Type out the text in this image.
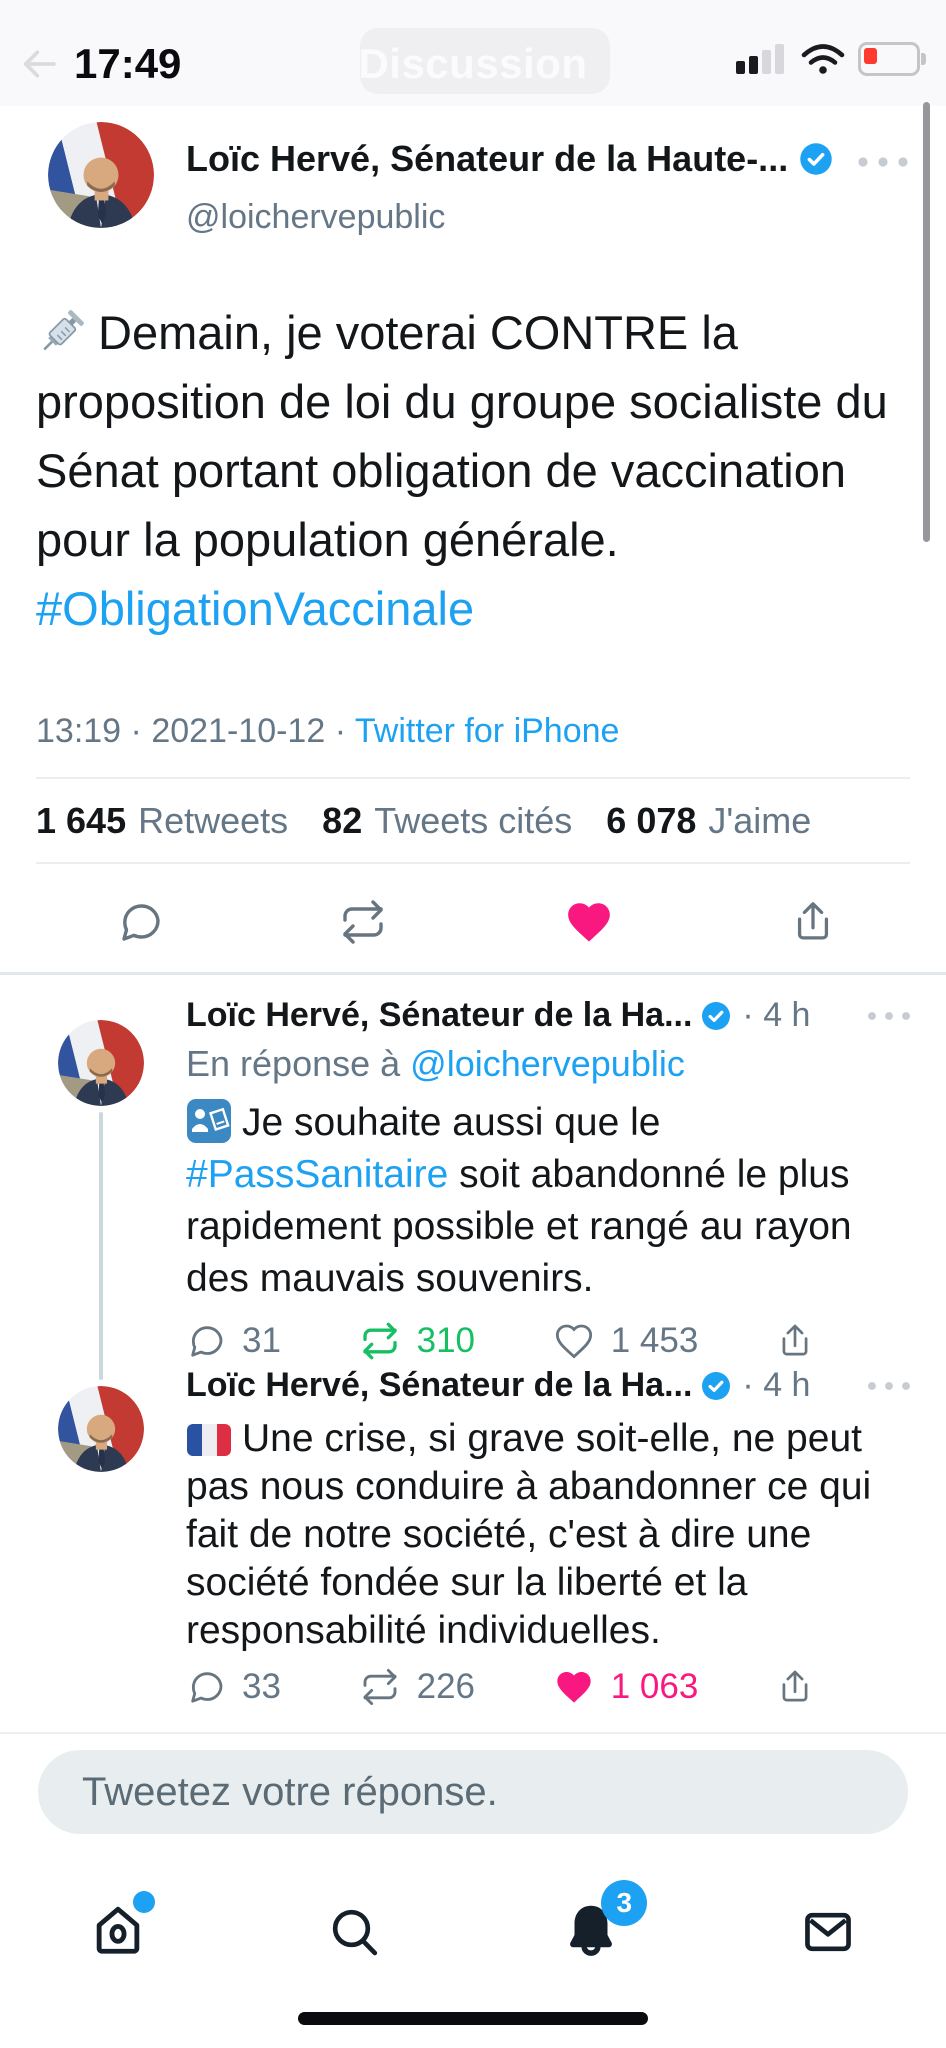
Discussion
17:49
Loïc Hervé, Sénateur de la Haute-...
@loichervepublic
Demain, je voterai CONTRE la proposition de loi du groupe socialiste du Sénat portant obligation de vaccination pour la population générale. #ObligationVaccinale
13:19 · 2021-10-12 · Twitter for iPhone
1 645 Retweets 82 Tweets cités 6 078 J'aime
Loïc Hervé, Sénateur de la Ha... · 4 h
En réponse à @loichervepublic
Je souhaite aussi que le #PassSanitaire soit abandonné le plus rapidement possible et rangé au rayon des mauvais souvenirs.
31	310	1 453
Loïc Hervé, Sénateur de la Ha... · 4 h
Une crise, si grave soit-elle, ne peut pas nous conduire à abandonner ce qui fait de notre société, c'est à dire une société fondée sur la liberté et la responsabilité individuelles.
33	226	1 063
Tweetez votre réponse.
3
